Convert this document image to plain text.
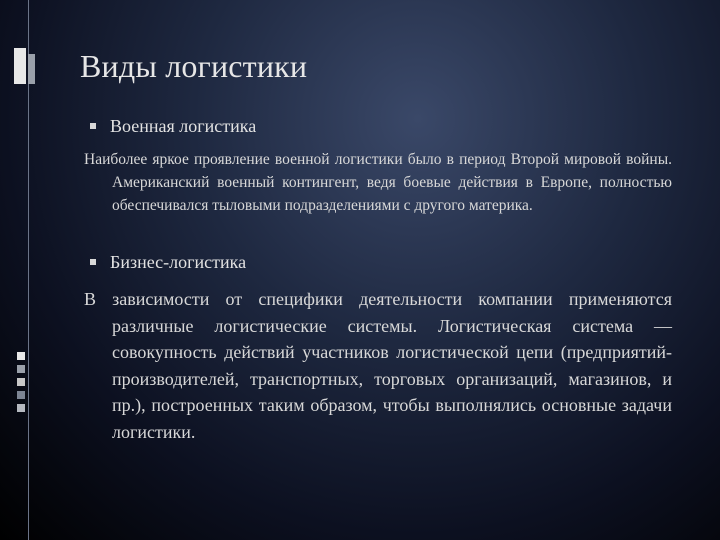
Виды логистики
Военная логистика
Наиболее яркое проявление военной логистики было в период Второй мировой войны. Американский военный контингент, ведя боевые действия в Европе, полностью обеспечивался тыловыми подразделениями с другого материка.
Бизнес-логистика
В зависимости от специфики деятельности компании применяются различные логистические системы. Логистическая система — совокупность действий участников логистической цепи (предприятий-производителей, транспортных, торговых организаций, магазинов, и пр.), построенных таким образом, чтобы выполнялись основные задачи логистики.
